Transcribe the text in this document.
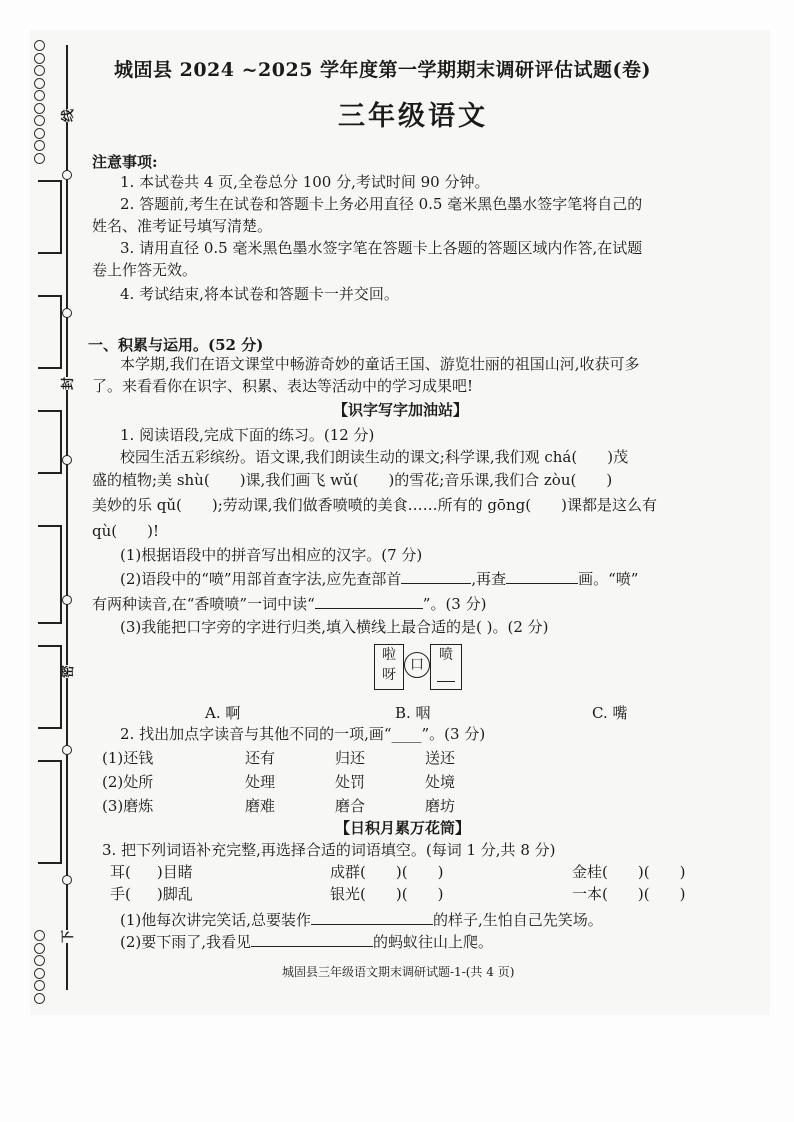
线
封
密
下
城固县 2024 ~2025 学年度第一学期期末调研评估试题(卷)
三年级语文
注意事项:
1. 本试卷共 4 页,全卷总分 100 分,考试时间 90 分钟。
2. 答题前,考生在试卷和答题卡上务必用直径 0.5 毫米黑色墨水签字笔将自己的
姓名、准考证号填写清楚。
3. 请用直径 0.5 毫米黑色墨水签字笔在答题卡上各题的答题区域内作答,在试题
卷上作答无效。
4. 考试结束,将本试卷和答题卡一并交回。
一、积累与运用。(52 分)
本学期,我们在语文课堂中畅游奇妙的童话王国、游览壮丽的祖国山河,收获可多
了。来看看你在识字、积累、表达等活动中的学习成果吧!
【识字写字加油站】
1. 阅读语段,完成下面的练习。(12 分)
校园生活五彩缤纷。语文课,我们朗读生动的课文;科学课,我们观 chá( )茂
盛的植物;美 shù( )课,我们画飞 wǔ( )的雪花;音乐课,我们合 zòu( )
美妙的乐 qǔ( );劳动课,我们做香喷喷的美食……所有的 gōng( )课都是这么有
qù( )!
(1)根据语段中的拼音写出相应的汉字。(7 分)
(2)语段中的“喷”用部首查字法,应先查部首	,再查	画。“喷”
有两种读音,在“香喷喷”一词中读“	”。(3 分)
(3)我能把口字旁的字进行归类,填入横线上最合适的是( )。(2 分)
啦
呀
口
喷
A. 啊	B. 咽	C. 嘴
2. 找出加点字读音与其他不同的一项,画“____”。(3 分)
(1)还钱	还有	归还	送还
(2)处所	处理	处罚	处境
(3)磨炼	磨难	磨合	磨坊
【日积月累万花筒】
3. 把下列词语补充完整,再选择合适的词语填空。(每词 1 分,共 8 分)
耳( )目睹	成群( )( )	金桂( )( )
手( )脚乱	银光( )( )	一本( )( )
(1)他每次讲完笑话,总要装作	的样子,生怕自己先笑场。
(2)要下雨了,我看见	的蚂蚁往山上爬。
城固县三年级语文期末调研试题-1-(共 4 页)
